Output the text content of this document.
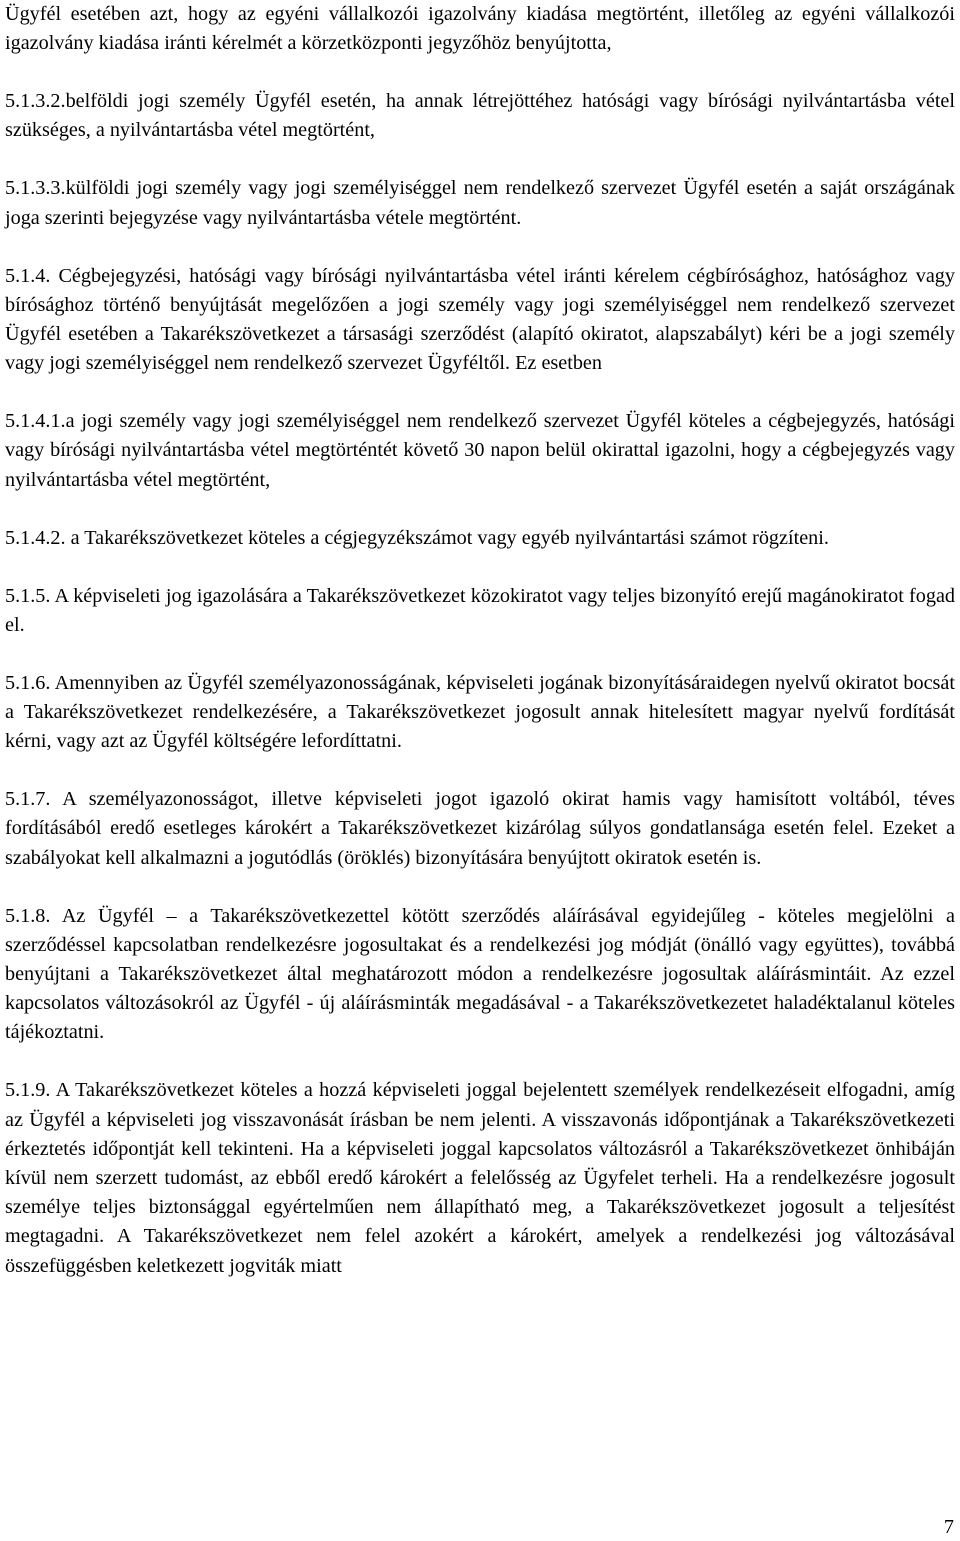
Ügyfél esetében azt, hogy az egyéni vállalkozói igazolvány kiadása megtörtént, illetőleg az egyéni vállalkozói igazolvány kiadása iránti kérelmét a körzetközponti jegyzőhöz benyújtotta,

5.1.3.2.belföldi jogi személy Ügyfél esetén, ha annak létrejöttéhez hatósági vagy bírósági nyilvántartásba vétel szükséges, a nyilvántartásba vétel megtörtént,

5.1.3.3.külföldi jogi személy vagy jogi személyiséggel nem rendelkező szervezet Ügyfél esetén a saját országának joga szerinti bejegyzése vagy nyilvántartásba vétele megtörtént.

5.1.4. Cégbejegyzési, hatósági vagy bírósági nyilvántartásba vétel iránti kérelem cégbírósághoz, hatósághoz vagy bírósághoz történő benyújtását megelőzően a jogi személy vagy jogi személyiséggel nem rendelkező szervezet Ügyfél esetében a Takarékszövetkezet a társasági szerződést (alapító okiratot, alapszabályt) kéri be a jogi személy vagy jogi személyiséggel nem rendelkező szervezet Ügyféltől. Ez esetben

5.1.4.1.a jogi személy vagy jogi személyiséggel nem rendelkező szervezet Ügyfél köteles a cégbejegyzés, hatósági vagy bírósági nyilvántartásba vétel megtörténtét követő 30 napon belül okirattal igazolni, hogy a cégbejegyzés vagy nyilvántartásba vétel megtörtént,

5.1.4.2. a Takarékszövetkezet köteles a cégjegyzékszámot vagy egyéb nyilvántartási számot rögzíteni.

5.1.5. A képviseleti jog igazolására a Takarékszövetkezet közokiratot vagy teljes bizonyító erejű magánokiratot fogad el.

5.1.6. Amennyiben az Ügyfél személyazonosságának, képviseleti jogának bizonyításáraidegen nyelvű okiratot bocsát a Takarékszövetkezet rendelkezésére, a Takarékszövetkezet jogosult annak hitelesített magyar nyelvű fordítását kérni, vagy azt az Ügyfél költségére lefordíttatni.

5.1.7. A személyazonosságot, illetve képviseleti jogot igazoló okirat hamis vagy hamisított voltából, téves fordításából eredő esetleges károkért a Takarékszövetkezet kizárólag súlyos gondatlansága esetén felel. Ezeket a szabályokat kell alkalmazni a jogutódlás (öröklés) bizonyítására benyújtott okiratok esetén is.

5.1.8. Az Ügyfél – a Takarékszövetkezettel kötött szerződés aláírásával egyidejűleg - köteles megjelölni a szerződéssel kapcsolatban rendelkezésre jogosultakat és a rendelkezési jog módját (önálló vagy együttes), továbbá benyújtani a Takarékszövetkezet által meghatározott módon a rendelkezésre jogosultak aláírásmintáit. Az ezzel kapcsolatos változásokról az Ügyfél - új aláírásminták megadásával - a Takarékszövetkezetet haladéktalanul köteles tájékoztatni.

5.1.9. A Takarékszövetkezet köteles a hozzá képviseleti joggal bejelentett személyek rendelkezéseit elfogadni, amíg az Ügyfél a képviseleti jog visszavonását írásban be nem jelenti. A visszavonás időpontjának a Takarékszövetkezeti érkeztetés időpontját kell tekinteni. Ha a képviseleti joggal kapcsolatos változásról a Takarékszövetkezet önhibáján kívül nem szerzett tudomást, az ebből eredő károkért a felelősség az Ügyfelet terheli. Ha a rendelkezésre jogosult személye teljes biztonsággal egyértelműen nem állapítható meg, a Takarékszövetkezet jogosult a teljesítést megtagadni. A Takarékszövetkezet nem felel azokért a károkért, amelyek a rendelkezési jog változásával összefüggésben keletkezett jogviták miatt

7
